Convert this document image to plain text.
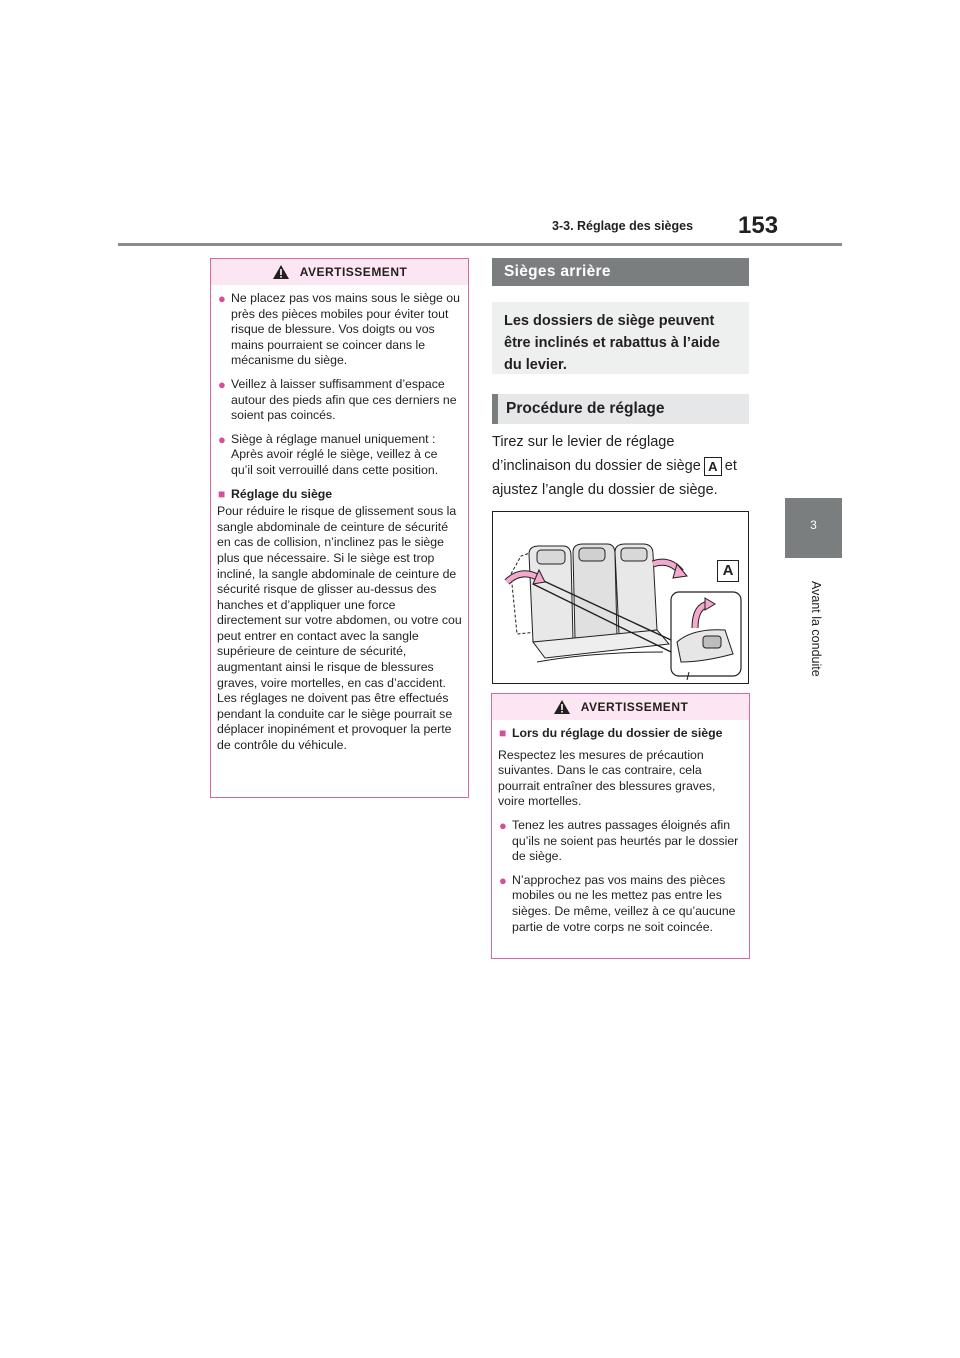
3-3. Réglage des sièges 153
3
Avant la conduite
AVERTISSEMENT
● Ne placez pas vos mains sous le siège ou près des pièces mobiles pour éviter tout risque de blessure. Vos doigts ou vos mains pourraient se coincer dans le mécanisme du siège.
● Veillez à laisser suffisamment d’espace autour des pieds afin que ces derniers ne soient pas coincés.
● Siège à réglage manuel uniquement : Après avoir réglé le siège, veillez à ce qu’il soit verrouillé dans cette position.
■ Réglage du siège

Pour réduire le risque de glissement sous la sangle abdominale de ceinture de sécurité en cas de collision, n’inclinez pas le siège plus que nécessaire. Si le siège est trop incliné, la sangle abdominale de ceinture de sécurité risque de glisser au-dessus des hanches et d’appliquer une force directement sur votre abdomen, ou votre cou peut entrer en contact avec la sangle supérieure de ceinture de sécurité, augmentant ainsi le risque de blessures graves, voire mortelles, en cas d’accident. Les réglages ne doivent pas être effectués pendant la conduite car le siège pourrait se déplacer inopinément et provoquer la perte de contrôle du véhicule.

Sièges arrière
Les dossiers de siège peuvent être inclinés et rabattus à l’aide du levier.
Procédure de réglage
Tirez sur le levier de réglage d’inclinaison du dossier de siège A et ajustez l’angle du dossier de siège.
A
AVERTISSEMENT
■ Lors du réglage du dossier de siège

Respectez les mesures de précaution suivantes. Dans le cas contraire, cela pourrait entraîner des blessures graves, voire mortelles.

● Tenez les autres passages éloignés afin qu’ils ne soient pas heurtés par le dossier de siège.
● N’approchez pas vos mains des pièces mobiles ou ne les mettez pas entre les sièges. De même, veillez à ce qu’aucune partie de votre corps ne soit coincée.
